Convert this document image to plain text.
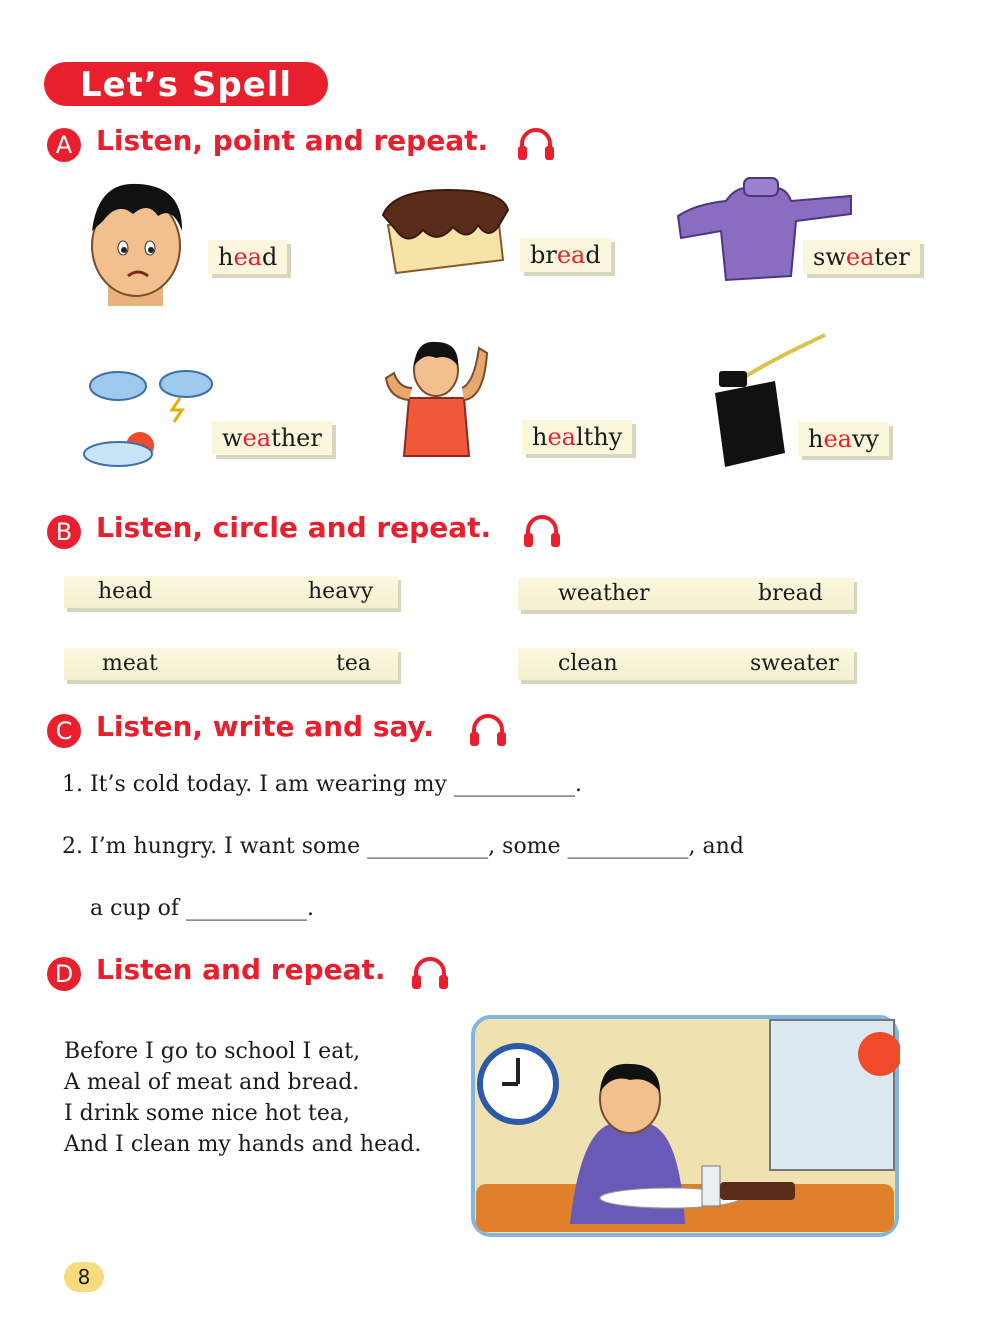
Let’s Spell
A Listen, point and repeat.
head	bread	sweater
weather	healthy	heavy
B Listen, circle and repeat.
head	heavy	weather	bread
meat	tea	clean	sweater
C Listen, write and say.
1. It’s cold today. I am wearing my ___________.
2. I’m hungry. I want some ___________, some ___________, and
a cup of ___________.
D Listen and repeat.
Before I go to school I eat,
A meal of meat and bread.
I drink some nice hot tea,
And I clean my hands and head.
8
